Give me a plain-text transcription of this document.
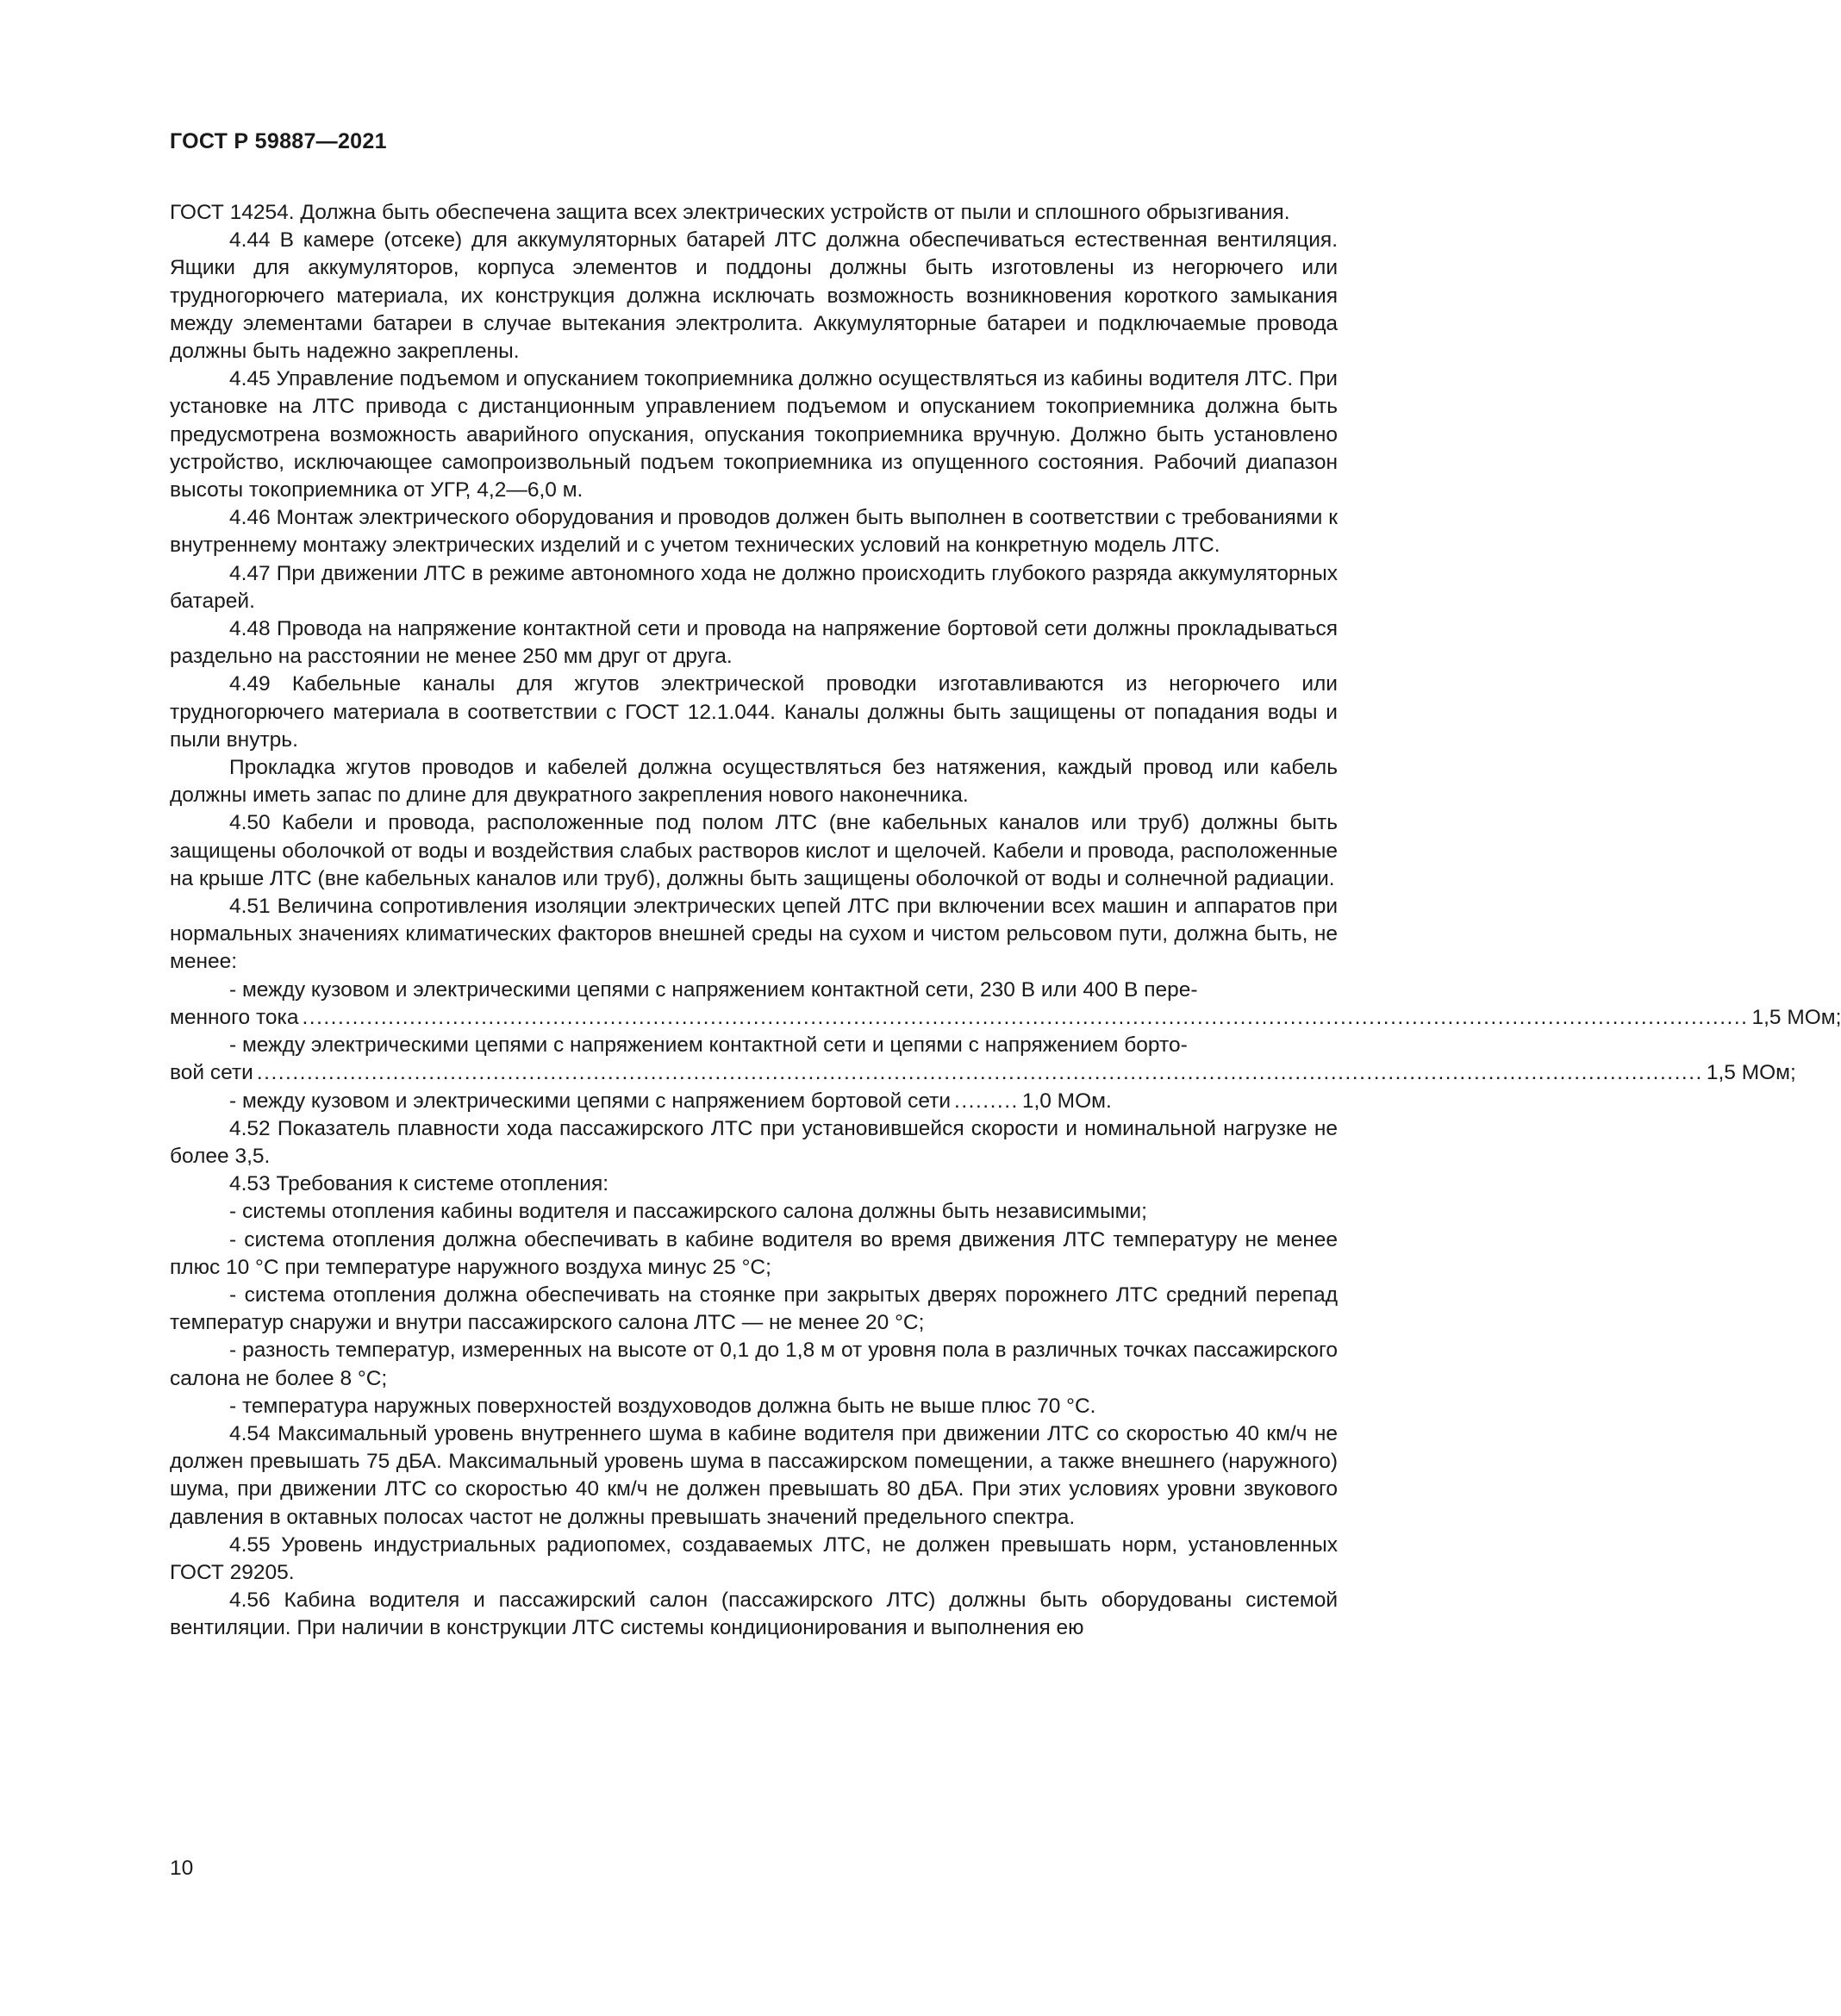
ГОСТ Р 59887—2021

ГОСТ 14254. Должна быть обеспечена защита всех электрических устройств от пыли и сплошного обрызгивания.

4.44 В камере (отсеке) для аккумуляторных батарей ЛТС должна обеспечиваться естественная вентиляция. Ящики для аккумуляторов, корпуса элементов и поддоны должны быть изготовлены из негорючего или трудногорючего материала, их конструкция должна исключать возможность возникновения короткого замыкания между элементами батареи в случае вытекания электролита. Аккумуляторные батареи и подключаемые провода должны быть надежно закреплены.

4.45 Управление подъемом и опусканием токоприемника должно осуществляться из кабины водителя ЛТС. При установке на ЛТС привода с дистанционным управлением подъемом и опусканием токоприемника должна быть предусмотрена возможность аварийного опускания, опускания токоприемника вручную. Должно быть установлено устройство, исключающее самопроизвольный подъем токоприемника из опущенного состояния. Рабочий диапазон высоты токоприемника от УГР, 4,2—6,0 м.

4.46 Монтаж электрического оборудования и проводов должен быть выполнен в соответствии с требованиями к внутреннему монтажу электрических изделий и с учетом технических условий на конкретную модель ЛТС.

4.47 При движении ЛТС в режиме автономного хода не должно происходить глубокого разряда аккумуляторных батарей.

4.48 Провода на напряжение контактной сети и провода на напряжение бортовой сети должны прокладываться раздельно на расстоянии не менее 250 мм друг от друга.

4.49 Кабельные каналы для жгутов электрической проводки изготавливаются из негорючего или трудногорючего материала в соответствии с ГОСТ 12.1.044. Каналы должны быть защищены от попадания воды и пыли внутрь.

Прокладка жгутов проводов и кабелей должна осуществляться без натяжения, каждый провод или кабель должны иметь запас по длине для двукратного закрепления нового наконечника.

4.50 Кабели и провода, расположенные под полом ЛТС (вне кабельных каналов или труб) должны быть защищены оболочкой от воды и воздействия слабых растворов кислот и щелочей. Кабели и провода, расположенные на крыше ЛТС (вне кабельных каналов или труб), должны быть защищены оболочкой от воды и солнечной радиации.

4.51 Величина сопротивления изоляции электрических цепей ЛТС при включении всех машин и аппаратов при нормальных значениях климатических факторов внешней среды на сухом и чистом рельсовом пути, должна быть, не менее:

- между кузовом и электрическими цепями с напряжением контактной сети, 230 В или 400 В пере-

менного тока .......................................................................................................................................................................................................... 1,5 МОм;

- между электрическими цепями с напряжением контактной сети и цепями с напряжением борто-

вой сети .......................................................................................................................................................................................................... 1,5 МОм;
- между кузовом и электрическими цепями с напряжением бортовой сети ......... 1,0 МОм.

4.52 Показатель плавности хода пассажирского ЛТС при установившейся скорости и номинальной нагрузке не более 3,5.

4.53 Требования к системе отопления:

- системы отопления кабины водителя и пассажирского салона должны быть независимыми;

- система отопления должна обеспечивать в кабине водителя во время движения ЛТС температуру не менее плюс 10 °С при температуре наружного воздуха минус 25 °С;

- система отопления должна обеспечивать на стоянке при закрытых дверях порожнего ЛТС средний перепад температур снаружи и внутри пассажирского салона ЛТС — не менее 20 °С;

- разность температур, измеренных на высоте от 0,1 до 1,8 м от уровня пола в различных точках пассажирского салона не более 8 °С;

- температура наружных поверхностей воздуховодов должна быть не выше плюс 70 °С.

4.54 Максимальный уровень внутреннего шума в кабине водителя при движении ЛТС со скоростью 40 км/ч не должен превышать 75 дБА. Максимальный уровень шума в пассажирском помещении, а также внешнего (наружного) шума, при движении ЛТС со скоростью 40 км/ч не должен превышать 80 дБА. При этих условиях уровни звукового давления в октавных полосах частот не должны превышать значений предельного спектра.

4.55 Уровень индустриальных радиопомех, создаваемых ЛТС, не должен превышать норм, установленных ГОСТ 29205.

4.56 Кабина водителя и пассажирский салон (пассажирского ЛТС) должны быть оборудованы системой вентиляции. При наличии в конструкции ЛТС системы кондиционирования и выполнения ею

10
